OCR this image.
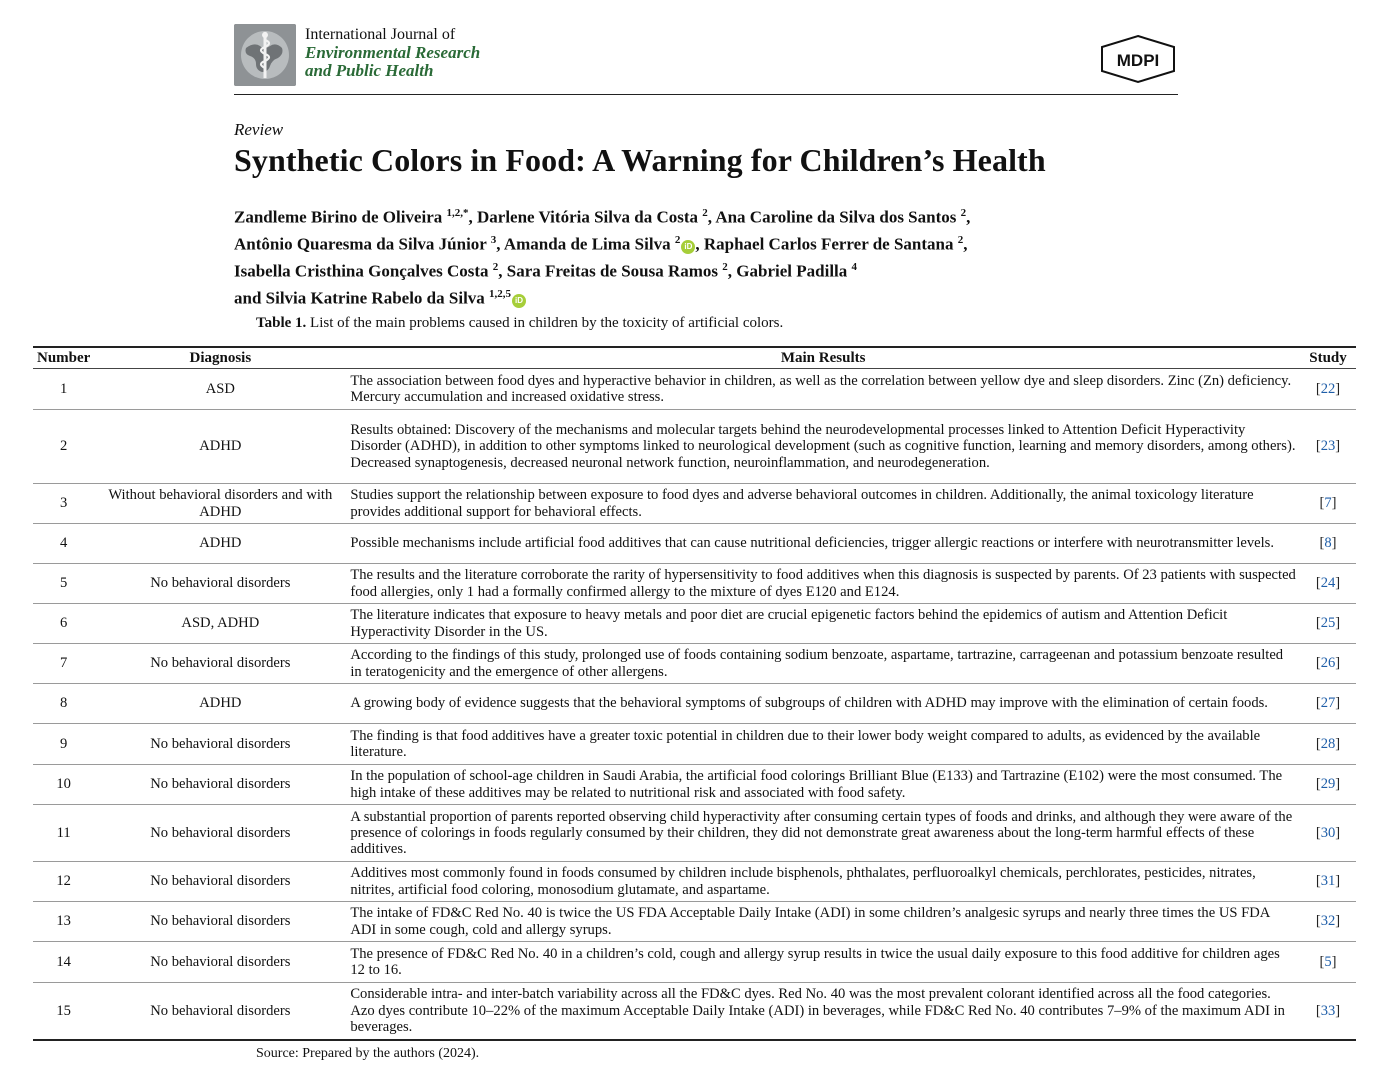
International Journal of
Environmental Research
and Public Health
MDPI
Review
Synthetic Colors in Food: A Warning for Children’s Health
Zandleme Birino de Oliveira $^{1,2,*}$, Darlene Vitória Silva da Costa $^2$, Ana Caroline da Silva dos Santos $^2$,
Antônio Quaresma da Silva Júnior $^3$, Amanda de Lima Silva $^2$iD , Raphael Carlos Ferrer de Santana $^2$,
Isabella Cristhina Gonçalves Costa $^2$, Sara Freitas de Sousa Ramos $^2$, Gabriel Padilla $^4$
and Silvia Katrine Rabelo da Silva $^{1,2,5}$iD
Table 1. List of the main problems caused in children by the toxicity of artificial colors.
Number	Diagnosis	Main Results	Study
1	ASD	The association between food dyes and hyperactive behavior in children, as well as the correlation between yellow dye and sleep disorders. Zinc (Zn) deficiency. Mercury accumulation and increased oxidative stress.	[22]
2	ADHD	Results obtained: Discovery of the mechanisms and molecular targets behind the neurodevelopmental processes linked to Attention Deficit Hyperactivity Disorder (ADHD), in addition to other symptoms linked to neurological development (such as cognitive function, learning and memory disorders, among others). Decreased synaptogenesis, decreased neuronal network function, neuroinflammation, and neurodegeneration.	[23]
3	Without behavioral disorders and with ADHD	Studies support the relationship between exposure to food dyes and adverse behavioral outcomes in children. Additionally, the animal toxicology literature provides additional support for behavioral effects.	[7]
4	ADHD	Possible mechanisms include artificial food additives that can cause nutritional deficiencies, trigger allergic reactions or interfere with neurotransmitter levels.	[8]
5	No behavioral disorders	The results and the literature corroborate the rarity of hypersensitivity to food additives when this diagnosis is suspected by parents. Of 23 patients with suspected food allergies, only 1 had a formally confirmed allergy to the mixture of dyes E120 and E124.	[24]
6	ASD, ADHD	The literature indicates that exposure to heavy metals and poor diet are crucial epigenetic factors behind the epidemics of autism and Attention Deficit Hyperactivity Disorder in the US.	[25]
7	No behavioral disorders	According to the findings of this study, prolonged use of foods containing sodium benzoate, aspartame, tartrazine, carrageenan and potassium benzoate resulted in teratogenicity and the emergence of other allergens.	[26]
8	ADHD	A growing body of evidence suggests that the behavioral symptoms of subgroups of children with ADHD may improve with the elimination of certain foods.	[27]
9	No behavioral disorders	The finding is that food additives have a greater toxic potential in children due to their lower body weight compared to adults, as evidenced by the available literature.	[28]
10	No behavioral disorders	In the population of school-age children in Saudi Arabia, the artificial food colorings Brilliant Blue (E133) and Tartrazine (E102) were the most consumed. The high intake of these additives may be related to nutritional risk and associated with food safety.	[29]
11	No behavioral disorders	A substantial proportion of parents reported observing child hyperactivity after consuming certain types of foods and drinks, and although they were aware of the presence of colorings in foods regularly consumed by their children, they did not demonstrate great awareness about the long-term harmful effects of these additives.	[30]
12	No behavioral disorders	Additives most commonly found in foods consumed by children include bisphenols, phthalates, perfluoroalkyl chemicals, perchlorates, pesticides, nitrates, nitrites, artificial food coloring, monosodium glutamate, and aspartame.	[31]
13	No behavioral disorders	The intake of FD&C Red No. 40 is twice the US FDA Acceptable Daily Intake (ADI) in some children’s analgesic syrups and nearly three times the US FDA ADI in some cough, cold and allergy syrups.	[32]
14	No behavioral disorders	The presence of FD&C Red No. 40 in a children’s cold, cough and allergy syrup results in twice the usual daily exposure to this food additive for children ages 12 to 16.	[5]
15	No behavioral disorders	Considerable intra- and inter-batch variability across all the FD&C dyes. Red No. 40 was the most prevalent colorant identified across all the food categories. Azo dyes contribute 10–22% of the maximum Acceptable Daily Intake (ADI) in beverages, while FD&C Red No. 40 contributes 7–9% of the maximum ADI in beverages.	[33]
Source: Prepared by the authors (2024).
